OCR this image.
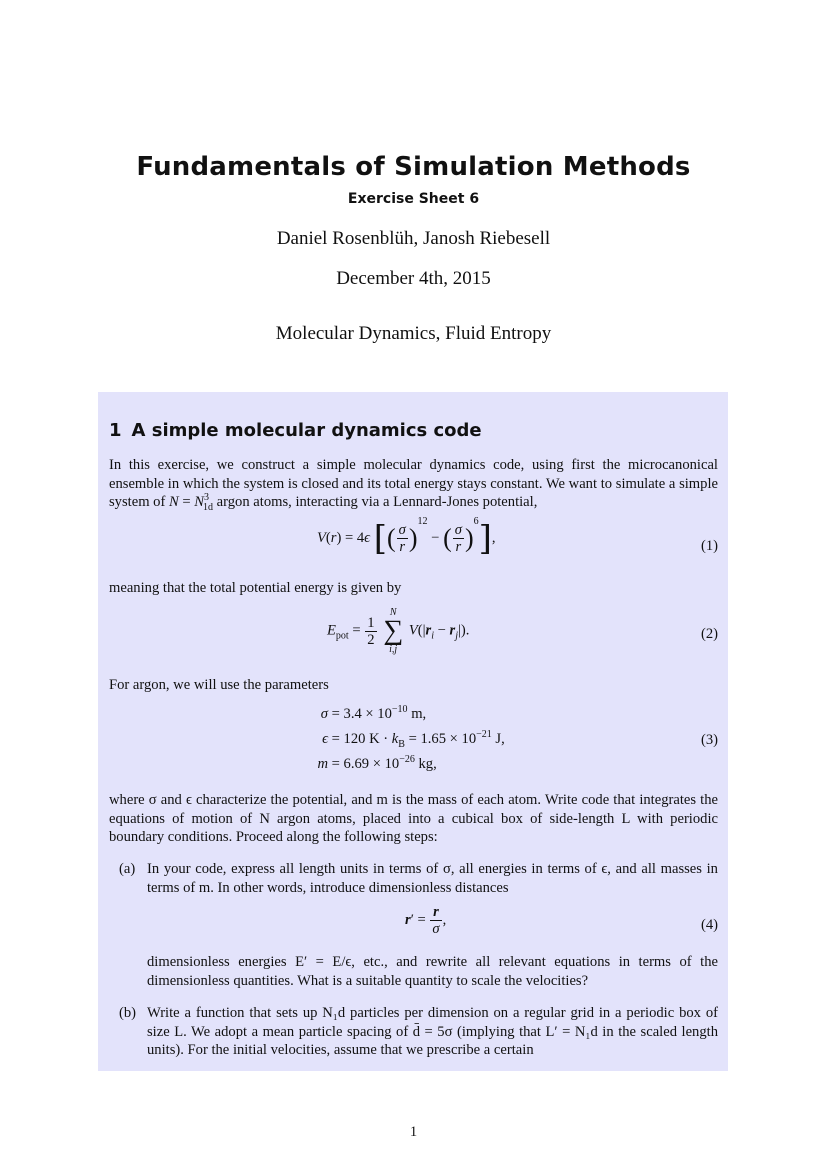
Fundamentals of Simulation Methods
Exercise Sheet 6
Daniel Rosenblüh, Janosh Riebesell
December 4th, 2015
Molecular Dynamics, Fluid Entropy
1 A simple molecular dynamics code
In this exercise, we construct a simple molecular dynamics code, using first the microcanonical ensemble in which the system is closed and its total energy stays constant. We want to simulate a simple system of $N = N^3_{1d}$ argon atoms, interacting via a Lennard-Jones potential,
V(r) = 4ϵ [( $\frac{\sigma}{r} )^{12}$ − ( $\frac{\sigma}{r} )^6$],	(1)
meaning that the total potential energy is given by
$E_{pot} = \frac{1}{2}$

N
∑
i,j
$V(|r_i - r_j|)$.	(2)
For argon, we will use the parameters
$\sigma = 3.4 \times 10^{-10}$ m,
ϵ = 120 $K \cdot k_B = 1.65 \times 10^{-21}$ J,
$m = 6.69 \times 10^{-26}$ kg,
(3)
where σ and ϵ characterize the potential, and m is the mass of each atom. Write code that integrates the equations of motion of N argon atoms, placed into a cubical box of side-length L with periodic boundary conditions. Proceed along the following steps:
(a) In your code, express all length units in terms of σ, all energies in terms of ϵ, and all masses in terms of m. In other words, introduce dimensionless distances
$r' = \frac{r}{\sigma}$ ,	(4)
dimensionless energies E′ = E/ϵ, etc., and rewrite all relevant equations in terms of the dimensionless quantities. What is a suitable quantity to scale the velocities?
(b) Write a function that sets up N₁d particles per dimension on a regular grid in a periodic box of size L. We adopt a mean particle spacing of d̄ = 5σ (implying that L′ = N₁d in the scaled length units). For the initial velocities, assume that we prescribe a certain
1
